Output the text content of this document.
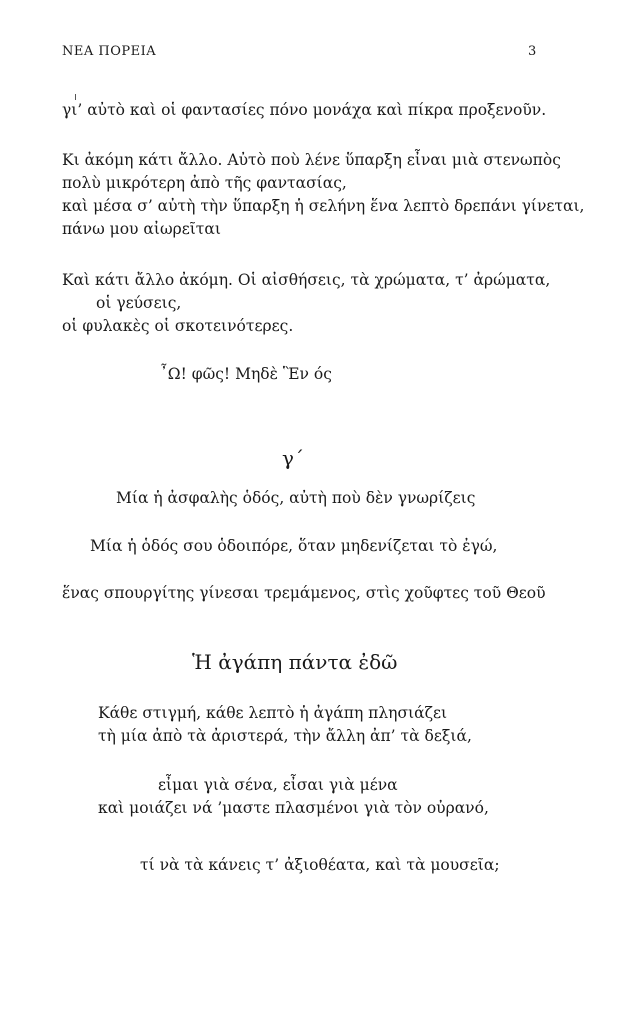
ΝΕΑ ΠΟΡΕΙΑ	3
γι’ αὐτὸ καὶ οἱ φαντασίες πόνο μονάχα καὶ πίκρα προξενοῦν.
Κι ἀκόμη κάτι ἄλλο. Αὐτὸ ποὺ λένε ὕπαρξη εἶναι μιὰ στενωπὸς
πολὺ μικρότερη ἀπὸ τῆς φαντασίας,
καὶ μέσα σ’ αὐτὴ τὴν ὕπαρξη ἡ σελήνη ἕνα λεπτὸ δρεπάνι γίνεται,
πάνω μου αἰωρεῖται
Καὶ κάτι ἄλλο ἀκόμη. Οἱ αἰσθήσεις, τὰ χρώματα, τ’ ἀρώματα,
οἱ γεύσεις,
οἱ φυλακὲς οἱ σκοτεινότερες.
῏Ω! φῶς! Μηδὲ Ἓν ός
γ΄
Μία ἡ ἀσφαλὴς ὁδός, αὐτὴ ποὺ δὲν γνωρίζεις
Μία ἡ ὁδός σου ὁδοιπόρε, ὅταν μηδενίζεται τὸ ἐγώ,
ἕνας σπουργίτης γίνεσαι τρεμάμενος, στὶς χοῦφτες τοῦ Θεοῦ
Ἡ ἀγάπη πάντα ἐδῶ
Κάθε στιγμή, κάθε λεπτὸ ἡ ἀγάπη πλησιάζει
τὴ μία ἀπὸ τὰ ἀριστερά, τὴν ἄλλη ἀπ’ τὰ δεξιά,
εἶμαι γιὰ σένα, εἶσαι γιὰ μένα
καὶ μοιάζει νά ’μαστε πλασμένοι γιὰ τὸν οὐρανό,
τί νὰ τὰ κάνεις τ’ ἀξιοθέατα, καὶ τὰ μουσεῖα;
